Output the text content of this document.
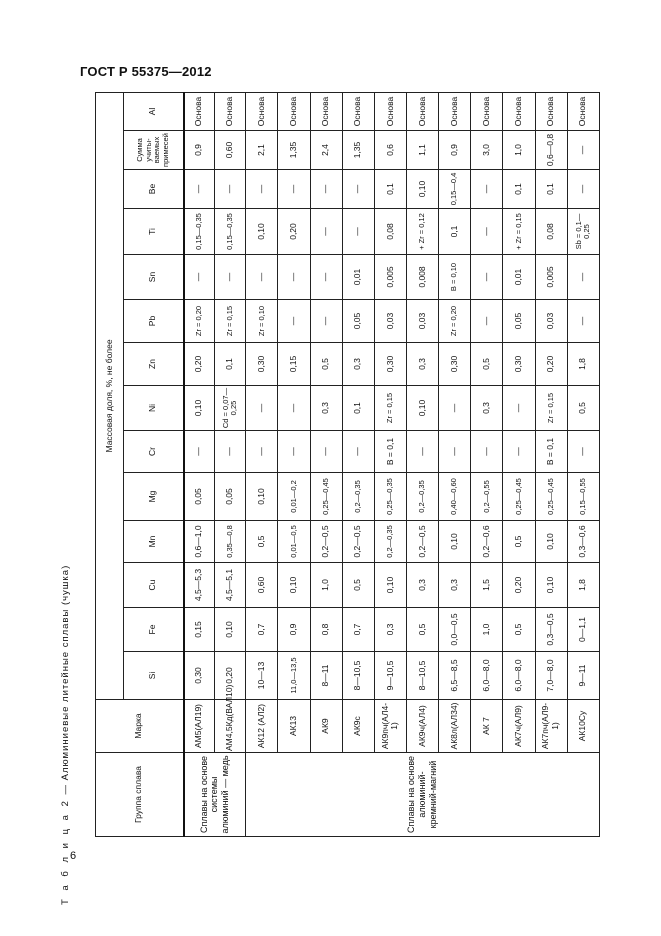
ГОСТ Р 55375—2012
Т а б л и ц а 2 — Алюминиевые литейные сплавы (чушка)	Группа сплава	Марка	Массовая доля, %, не более													
		Si	Fe	Cu	Mn	Mg	Cr	Ni	Zn	Pb	Sn	Ti	Be	Сумма учиты-ваемых примесей	Al
Сплавы на основе системы алюминий — медь	АМ5(АЛ19)	0,30	0,15	4,5—5,3	0,6—1,0	0,05	—	0,10	0,20	Zr = 0,20	—	0,15—0,35	—	0,9	Основа
	АМ4,5Кд(ВАЛ10)	0,20	0,10	4,5—5,1	0,35—0,8	0,05	—	Cd = 0,07—0,25	0,1	Zr = 0,15	—	0,15—0,35	—	0,60	Основа
Сплавы на основе алюминий-кремний-магний	АК12 (АЛ2)	10—13	0,7	0,60	0,5	0,10	—	—	0,30	Zr = 0,10	—	0,10	—	2,1	Основа
	АК13	11,0—13,5	0,9	0,10	0,01—0,5	0,01—0,2	—	—	0,15	—	—	0,20	—	1,35	Основа
	АК9	8—11	0,8	1,0	0,2—0,5	0,25—0,45	—	0,3	0,5	—	—	—	—	2,4	Основа
	АК9с	8—10,5	0,7	0,5	0,2—0,5	0,2—0,35	—	0,1	0,3	0,05	0,01	—	—	1,35	Основа
	АК9пч(АЛ4-1)	9—10,5	0,3	0,10	0,2—0,35	0,25—0,35	B = 0,1	Zr = 0,15	0,30	0,03	0,005	0,08	0,1	0,6	Основа
	АК9ч(АЛ4)	8—10,5	0,5	0,3	0,2—0,5	0,2—0,35	—	0,10	0,3	0,03	0,008	+ Zr = 0,12	0,10	1,1	Основа
	АК8л(АЛ34)	6,5—8,5	0,0—0,5	0,3	0,10	0,40—0,60	—	—	0,30	Zr = 0,20	B = 0,10	0,1	0,15—0,4	0,9	Основа
	АК 7	6,0—8,0	1,0	1,5	0,2—0,6	0,2—0,55	—	0,3	0,5	—	—	—	—	3,0	Основа
	АК7ч(АЛ9)	6,0—8,0	0,5	0,20	0,5	0,25—0,45	—	—	0,30	0,05	0,01	+ Zr = 0,15	0,1	1,0	Основа
	АК7пч(АЛ9-1)	7,0—8,0	0,3—0,5	0,10	0,10	0,25—0,45	B = 0,1	Zr = 0,15	0,20	0,03	0,005	0,08	0,1	0,6—0,8	Основа
	АК10Су	9—11	0—1,1	1,8	0,3—0,6	0,15—0,55	—	0,5	1,8	—	—	Sb = 0,1—0,25	—	—	Основа
6
